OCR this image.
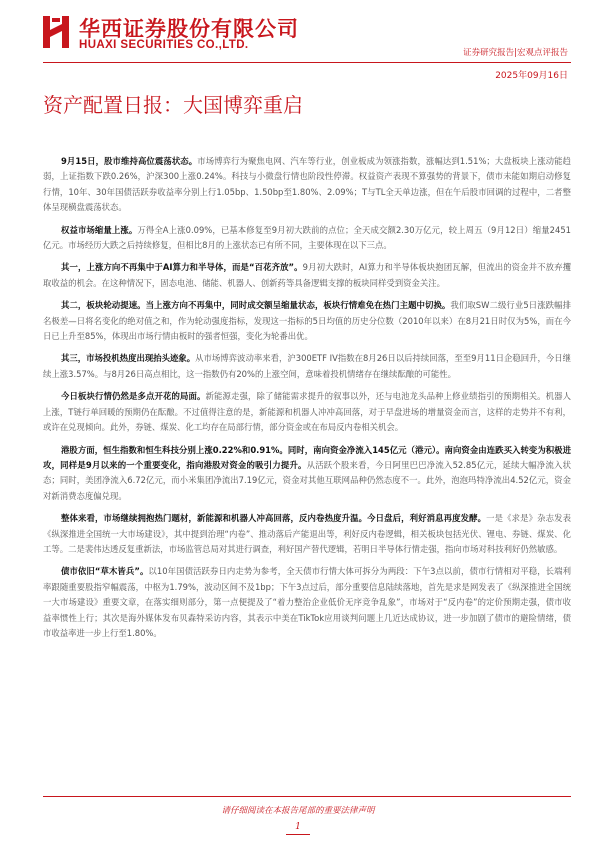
华西证券股份有限公司
HUAXI SECURITIES CO.,LTD.
证券研究报告|宏观点评报告
2025年09月16日
资产配置日报：大国博弈重启

9月15日，股市维持高位震荡状态。市场博弈行为聚焦电网、汽车等行业，创业板成为领涨指数，涨幅达到1.51%；大盘板块上涨动能趋弱，上证指数下跌0.26%，沪深300上涨0.24%。科技与小微盘行情也阶段性停滞。权益资产表现不算强势的背景下，债市未能如期启动修复行情，10年、30年国债活跃券收益率分别上行1.05bp、1.50bp至1.80%、2.09%；T与TL全天单边涨，但在午后股市回调的过程中，二者整体呈现横盘震荡状态。

权益市场缩量上涨。万得全A上涨0.09%，已基本修复至9月初大跌前的点位；全天成交额2.30万亿元，较上周五（9月12日）缩量2451亿元。市场经历大跌之后持续修复，但相比8月的上涨状态已有所不同，主要体现在以下三点。

其一，上涨方向不再集中于AI算力和半导体，而是“百花齐放”。9月初大跌时，AI算力和半导体板块抱团瓦解，但流出的资金并不放弃攫取收益的机会。在这种情况下，固态电池、储能、机器人、创新药等具备逻辑支撑的板块同样受到资金关注。

其二，板块轮动提速。当上涨方向不再集中，同时成交额呈缩量状态，板块行情难免在热门主题中切换。我们取SW二级行业5日涨跌幅排名极差—日将名变化的绝对值之和，作为轮动强度指标，发现这一指标的5日均值的历史分位数（2010年以来）在8月21日时仅为5%，而在今日已上升至85%，体现出市场行情由板时的强者恒强，变化为轮番出优。

其三，市场投机热度出现抬头迹象。从市场博弈波动率来看，沪300ETF IV指数在8月26日以后持续回落，至至9月11日企稳回升，今日继续上涨3.57%。与8月26日高点相比，这一指数仍有20%的上涨空间，意味着投机情绪存在继续酝酿的可能性。

今日板块行情仍然是多点开花的局面。新能源走强，除了储能需求提升的叙事以外，还与电池龙头品种上修业绩指引的预期相关。机器人上涨，T链行单回暖的预期仍在酝酿。不过值得注意的是，新能源和机器人冲冲高回落，对于早盘进场的增量资金而言，这样的走势并不有利，或许在兑现倾向。此外，券链、煤炭、化工均存在局部行情，部分资金或在布局反内卷相关机会。

港股方面，恒生指数和恒生科技分别上涨0.22%和0.91%。同时，南向资金净流入145亿元（港元）。南向资金由连跌买入转变为积极进攻，同样是9月以来的一个重要变化，指向港股对资金的吸引力提升。从活跃个股来看，今日阿里巴巴净流入52.85亿元，延续大幅净流入状态；同时，美团净流入6.72亿元，而小米集团净流出7.19亿元，资金对其他互联网品种仍然态度不一。此外，泡泡玛特净流出4.52亿元，资金对新消费态度偏兑现。

整体来看，市场继续拥抱热门题材，新能源和机器人冲高回落，反内卷热度升温。今日盘后，利好消息再度发酵。一是《求是》杂志发表《纵深推进全国统一大市场建设》，其中提到治理“内卷”、推动落后产能退出等，利好反内卷逻辑，相关板块包括光伏、锂电、券链、煤炭、化工等。二是裴伟达透反复重新法，市场监管总局对其进行调查，利好国产替代逻辑，若明日半导体行情走强，指向市场对科技利好仍然敏感。

债市依旧“草木皆兵”。以10年国债活跃券日内走势为参考，全天债市行情大体可拆分为两段：下午3点以前，债市行情相对平稳，长端利率跟随重要股指窄幅震荡，中枢为1.79%，波动区间不及1bp；下午3点过后，部分重要信息陆续落地，首先是求是网发表了《纵深推进全国统一大市场建设》重要文章，在落实细则部分，第一点便提及了“着力整治企业低价无序竞争乱象”，市场对于“反内卷”的定价预期走强，债市收益率惯性上行；其次是海外媒体发布贝森特采访内容，其表示中美在TikTok应用谈判问题上几近达成协议，进一步加剧了债市的避险情绪，债市收益率进一步上行至1.80%。

请仔细阅读在本报告尾部的重要法律声明
1
